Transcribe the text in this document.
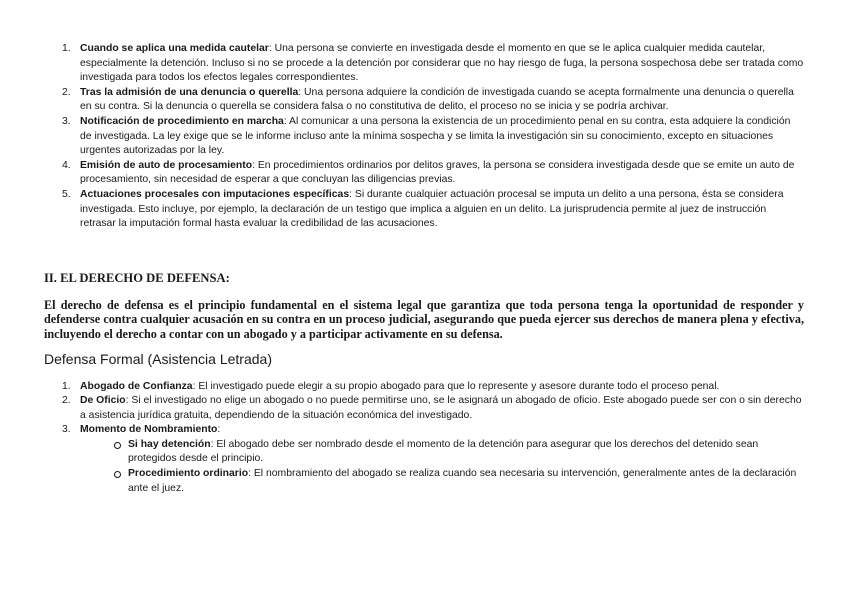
1. Cuando se aplica una medida cautelar: Una persona se convierte en investigada desde el momento en que se le aplica cualquier medida cautelar, especialmente la detención. Incluso si no se procede a la detención por considerar que no hay riesgo de fuga, la persona sospechosa debe ser tratada como investigada para todos los efectos legales correspondientes.
2. Tras la admisión de una denuncia o querella: Una persona adquiere la condición de investigada cuando se acepta formalmente una denuncia o querella en su contra. Si la denuncia o querella se considera falsa o no constitutiva de delito, el proceso no se inicia y se podría archivar.
3. Notificación de procedimiento en marcha: Al comunicar a una persona la existencia de un procedimiento penal en su contra, esta adquiere la condición de investigada. La ley exige que se le informe incluso ante la mínima sospecha y se limita la investigación sin su conocimiento, excepto en situaciones urgentes autorizadas por la ley.
4. Emisión de auto de procesamiento: En procedimientos ordinarios por delitos graves, la persona se considera investigada desde que se emite un auto de procesamiento, sin necesidad de esperar a que concluyan las diligencias previas.
5. Actuaciones procesales con imputaciones específicas: Si durante cualquier actuación procesal se imputa un delito a una persona, ésta se considera investigada. Esto incluye, por ejemplo, la declaración de un testigo que implica a alguien en un delito. La jurisprudencia permite al juez de instrucción retrasar la imputación formal hasta evaluar la credibilidad de las acusaciones.
II. EL DERECHO DE DEFENSA:

El derecho de defensa es el principio fundamental en el sistema legal que garantiza que toda persona tenga la oportunidad de responder y defenderse contra cualquier acusación en su contra en un proceso judicial, asegurando que pueda ejercer sus derechos de manera plena y efectiva, incluyendo el derecho a contar con un abogado y a participar activamente en su defensa.

Defensa Formal (Asistencia Letrada)
1. Abogado de Confianza: El investigado puede elegir a su propio abogado para que lo represente y asesore durante todo el proceso penal.
2. De Oficio: Si el investigado no elige un abogado o no puede permitirse uno, se le asignará un abogado de oficio. Este abogado puede ser con o sin derecho a asistencia jurídica gratuita, dependiendo de la situación económica del investigado.
3. Momento de Nombramiento:
Si hay detención: El abogado debe ser nombrado desde el momento de la detención para asegurar que los derechos del detenido sean protegidos desde el principio.
Procedimiento ordinario: El nombramiento del abogado se realiza cuando sea necesaria su intervención, generalmente antes de la declaración ante el juez.
